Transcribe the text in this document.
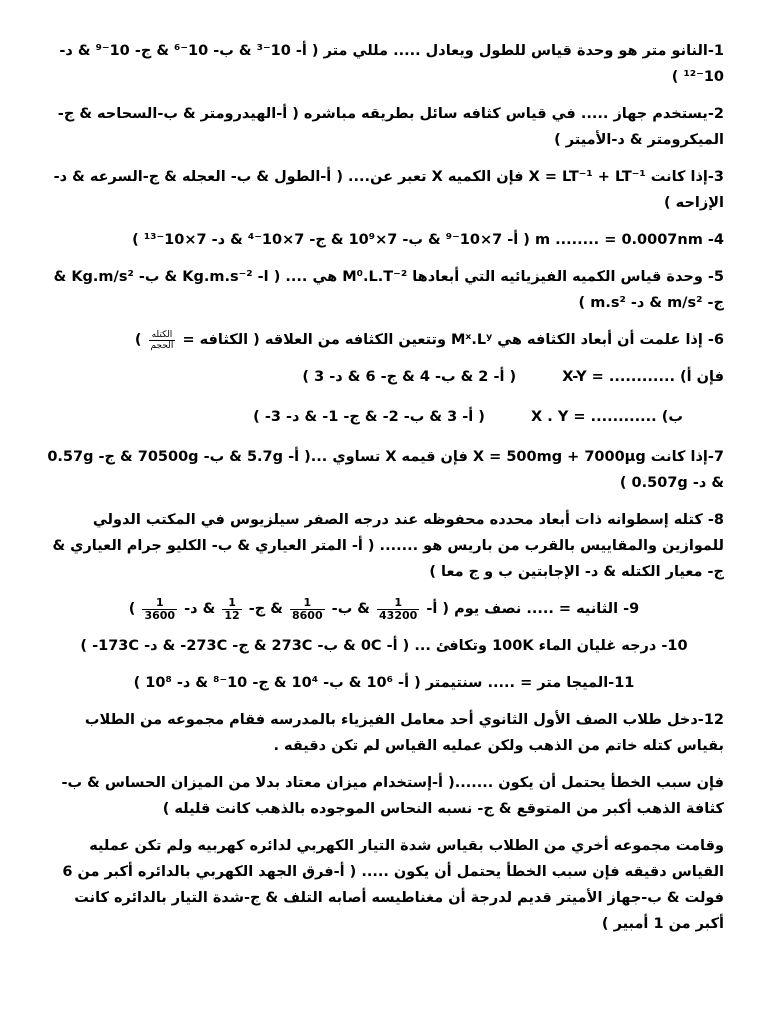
1-النانو متر هو وحدة قياس للطول ويعادل ..... مللي متر ( أ- 10⁻³ & ب- 10⁻⁶ & ج- 10⁻⁹ & د- 10⁻¹² )

2-يستخدم جهاز ..... في قياس كثافه سائل بطريقه مباشره ( أ-الهيدرومتر & ب-السحاحه & ج-الميكرومتر & د-الأميتر )

3-إذا كانت X = LT⁻¹ + LT⁻¹ فإن الكميه X تعبر عن.... ( أ-الطول & ب- العجله & ج-السرعه & د- الإزاحه )

4- m ........ = 0.0007nm ( أ- 7×10⁻⁹ & ب- 7×10⁹ & ج- 7×10⁻⁴ & د- 7×10⁻¹³ )

5- وحدة قياس الكميه الفيزيائيه التي أبعادها M⁰.L.T⁻² هي .... ( ا- Kg.m.s⁻² & ب- Kg.m/s² & ج- m/s² & د- m.s² )

6- إذا علمت أن أبعاد الكثافه هي Mˣ.Lʸ وتتعين الكثافه من العلاقه ( الكثافه =
$\frac{\text{الكتله}}{\text{الحجم}}$
)

فإن أ) X-Y = ............  ( أ- 2 & ب- 4 & ج- 6 & د- 3 )

ب) X . Y = ............  ( أ- 3 & ب- 2- & ج- 1- & د- 3- )

7-إذا كانت X = 500mg + 7000µg فإن قيمه X تساوي ...( أ- 5.7g & ب- 70500g & ج- 0.57g & د- 0.507g )

8- كتله إسطوانه ذات أبعاد محدده محفوظه عند درجه الصفر سيلزيوس في المكتب الدولي للموازين والمقاييس بالقرب من باريس هو ....... ( أ- المتر العياري & ب- الكليو جرام العياري & ج- معيار الكتله & د- الإجابتين ب و ج معا )

9- الثانيه = ..... نصف يوم ( أ-
$\frac{1}{43200}$
& ب-
$\frac{1}{8600}$
& ج-
$\frac{1}{12}$
& د-
$\frac{1}{3600}$
)

10- درجه غليان الماء 100K وتكافئ ... ( أ- 0C & ب- 273C & ج- 273C- & د- 173C- )

11-الميجا متر = ..... سنتيمتر ( أ- 10⁶ & ب- 10⁴ & ج- 10⁻⁸ & د- 10⁸ )

12-دخل طلاب الصف الأول الثانوي أحد معامل الفيزياء بالمدرسه فقام مجموعه من الطلاب بقياس كتله خاتم من الذهب ولكن عمليه القياس لم تكن دقيقه .

فإن سبب الخطأ يحتمل أن يكون .......( أ-إستخدام ميزان معتاد بدلا من الميزان الحساس & ب- كثافة الذهب أكبر من المتوقع & ج- نسبه النحاس الموجوده بالذهب كانت قليله )

وقامت مجموعه أخري من الطلاب بقياس شدة التيار الكهربي لدائره كهربيه ولم تكن عمليه القياس دقيقه فإن سبب الخطأ يحتمل أن يكون ..... ( أ-فرق الجهد الكهربي بالدائره أكبر من 6 فولت & ب-جهاز الأميتر قديم لدرجة أن مغناطيسه أصابه التلف & ج-شدة التيار بالدائره كانت أكبر من 1 أمبير )
